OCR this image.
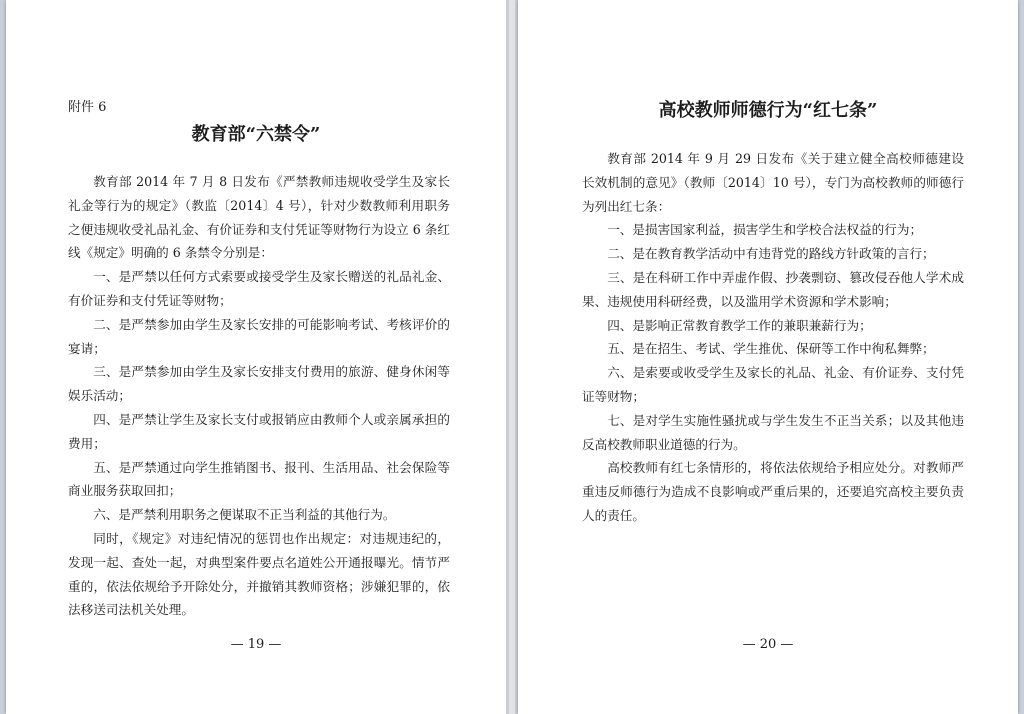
附件 6
教育部“六禁令”

教育部 2014 年 7 月 8 日发布《严禁教师违规收受学生及家长礼金等行为的规定》（教监〔2014〕4 号），针对少数教师利用职务之便违规收受礼品礼金、有价证券和支付凭证等财物行为设立 6 条红线《规定》明确的 6 条禁令分别是：

一、是严禁以任何方式索要或接受学生及家长赠送的礼品礼金、有价证券和支付凭证等财物；

二、是严禁参加由学生及家长安排的可能影响考试、考核评价的宴请；

三、是严禁参加由学生及家长安排支付费用的旅游、健身休闲等娱乐活动；

四、是严禁让学生及家长支付或报销应由教师个人或亲属承担的费用；

五、是严禁通过向学生推销图书、报刊、生活用品、社会保险等商业服务获取回扣；

六、是严禁利用职务之便谋取不正当利益的其他行为。

同时，《规定》对违纪情况的惩罚也作出规定：对违规违纪的，发现一起、查处一起，对典型案件要点名道姓公开通报曝光。情节严重的，依法依规给予开除处分，并撤销其教师资格；涉嫌犯罪的，依法移送司法机关处理。

— 19 —
高校教师师德行为“红七条”

教育部 2014 年 9 月 29 日发布《关于建立健全高校师德建设长效机制的意见》（教师〔2014〕10 号），专门为高校教师的师德行为列出红七条：

一、是损害国家利益，损害学生和学校合法权益的行为；

二、是在教育教学活动中有违背党的路线方针政策的言行；

三、是在科研工作中弄虚作假、抄袭剽窃、篡改侵吞他人学术成果、违规使用科研经费，以及滥用学术资源和学术影响；

四、是影响正常教育教学工作的兼职兼薪行为；

五、是在招生、考试、学生推优、保研等工作中徇私舞弊；

六、是索要或收受学生及家长的礼品、礼金、有价证券、支付凭证等财物；

七、是对学生实施性骚扰或与学生发生不正当关系；以及其他违反高校教师职业道德的行为。

高校教师有红七条情形的，将依法依规给予相应处分。对教师严重违反师德行为造成不良影响或严重后果的，还要追究高校主要负责人的责任。

— 20 —
